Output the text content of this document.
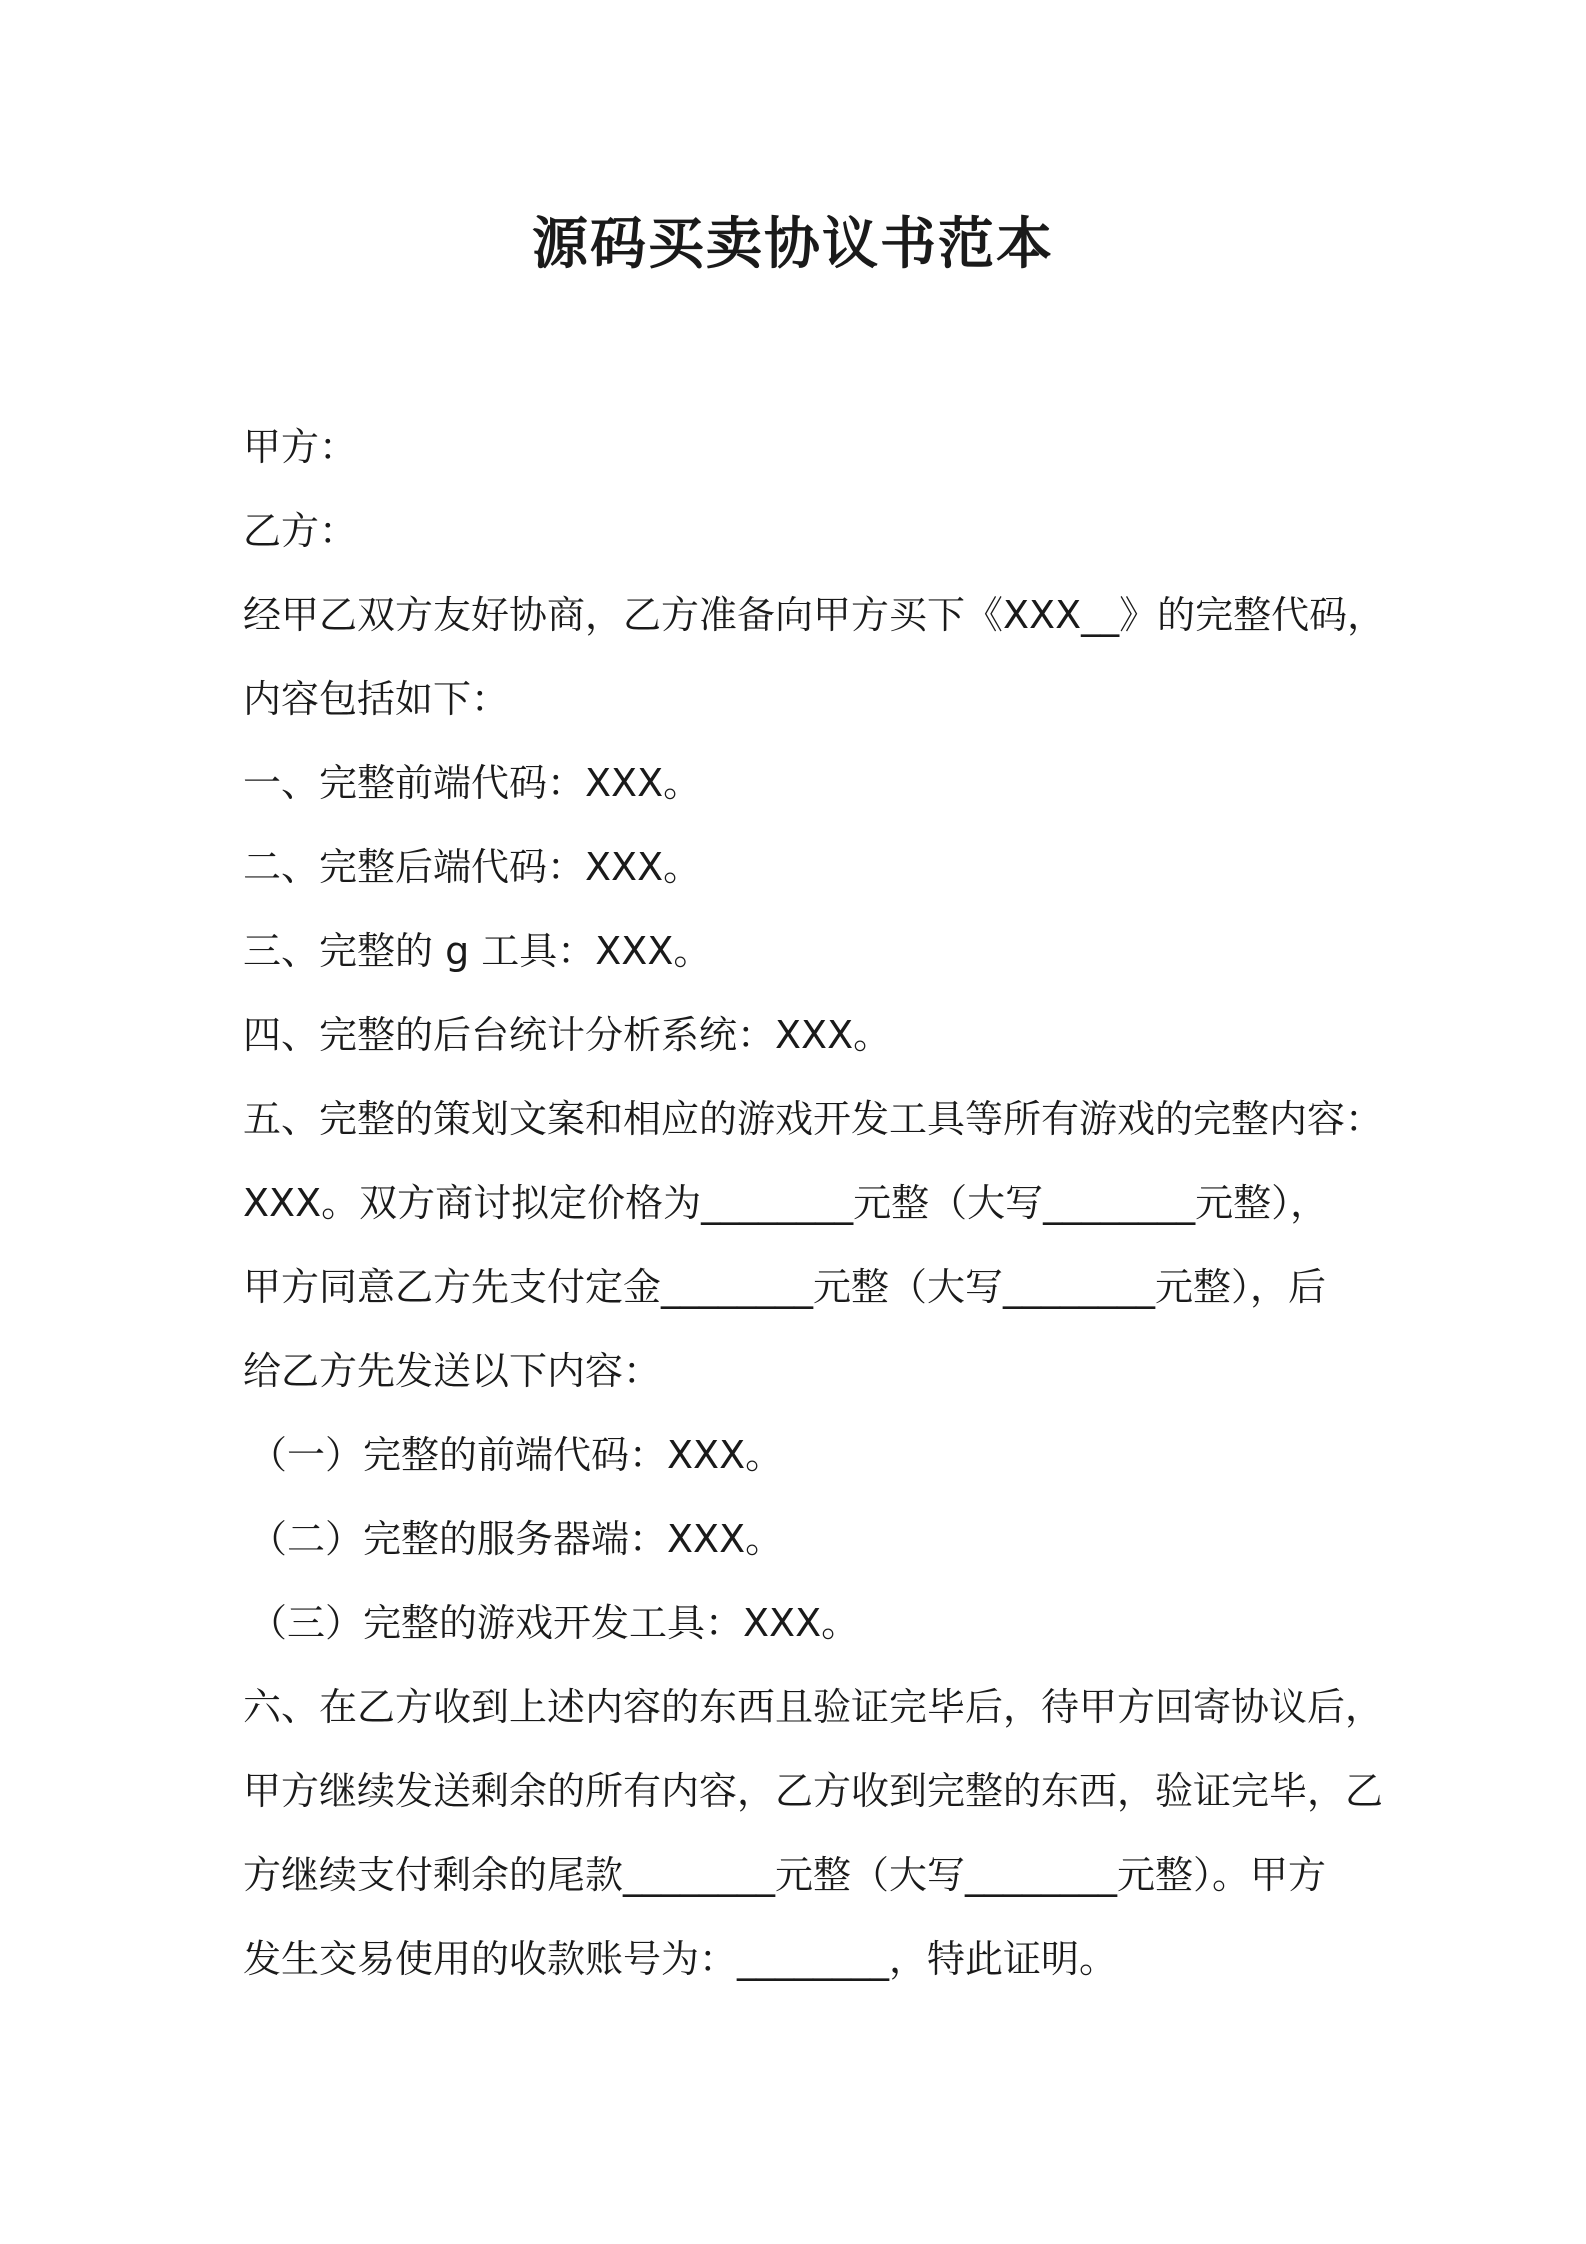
源码买卖协议书范本

甲方：

乙方：

经甲乙双方友好协商，乙方准备向甲方买下《XXX__》的完整代码，

内容包括如下：

一、完整前端代码：XXX。

二、完整后端代码：XXX。

三、完整的 g 工具：XXX。

四、完整的后台统计分析系统：XXX。

五、完整的策划文案和相应的游戏开发工具等所有游戏的完整内容：

XXX。双方商讨拟定价格为________元整（大写________元整），

甲方同意乙方先支付定金________元整（大写________元整），后

给乙方先发送以下内容：

（一）完整的前端代码：XXX。

（二）完整的服务器端：XXX。

（三）完整的游戏开发工具：XXX。

六、在乙方收到上述内容的东西且验证完毕后，待甲方回寄协议后，

甲方继续发送剩余的所有内容，乙方收到完整的东西，验证完毕，乙

方继续支付剩余的尾款________元整（大写________元整）。甲方

发生交易使用的收款账号为：________，特此证明。
